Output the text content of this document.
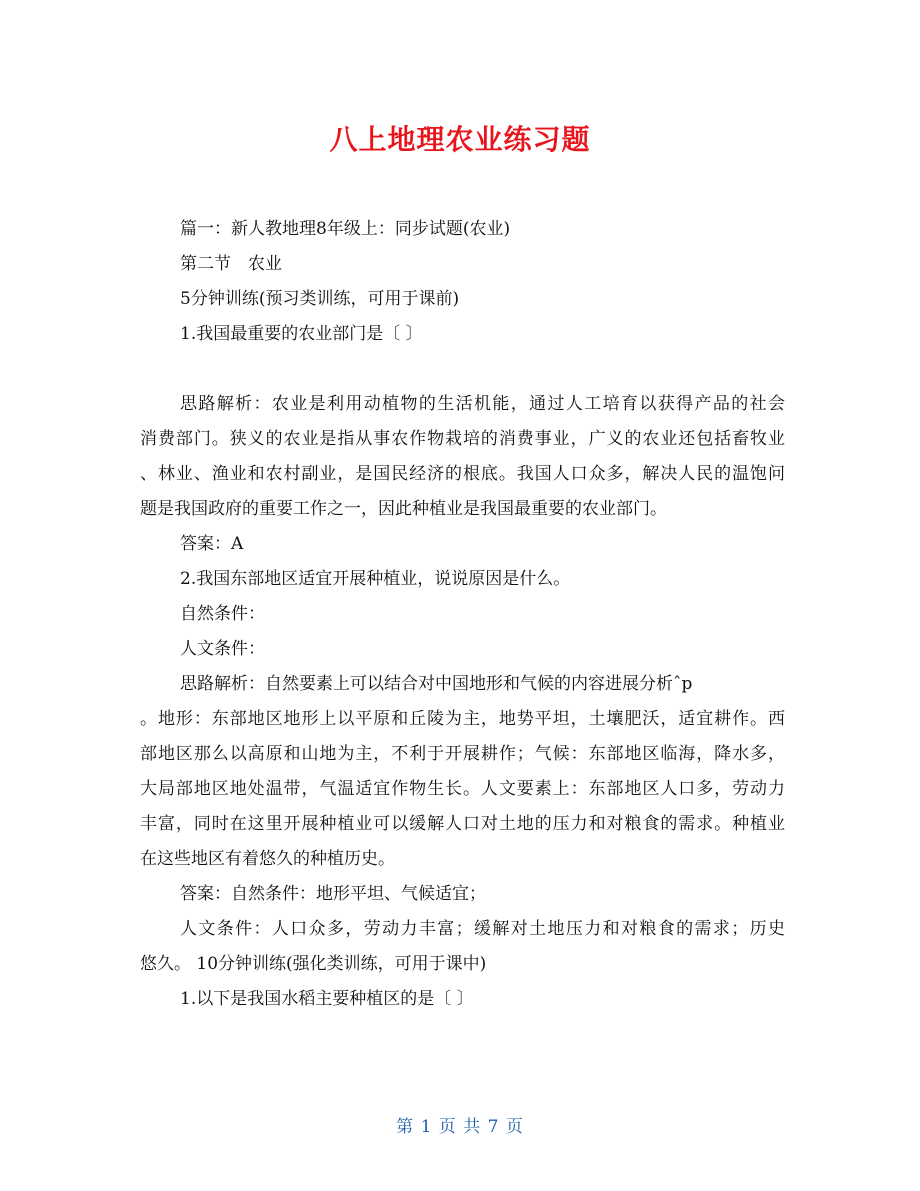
八上地理农业练习题
篇一：新人教地理8年级上：同步试题(农业)
第二节　农业
5分钟训练(预习类训练，可用于课前)
1.我国最重要的农业部门是〔 〕
思路解析：农业是利用动植物的生活机能，通过人工培育以获得产品的社会
消费部门。狭义的农业是指从事农作物栽培的消费事业，广义的农业还包括畜牧业
、林业、渔业和农村副业，是国民经济的根底。我国人口众多，解决人民的温饱问
题是我国政府的重要工作之一，因此种植业是我国最重要的农业部门。
答案：A
2.我国东部地区适宜开展种植业，说说原因是什么。
自然条件：
人文条件：
思路解析：自然要素上可以结合对中国地形和气候的内容进展分析ˆp
。地形：东部地区地形上以平原和丘陵为主，地势平坦，土壤肥沃，适宜耕作。西
部地区那么以高原和山地为主，不利于开展耕作；气候：东部地区临海，降水多，
大局部地区地处温带，气温适宜作物生长。人文要素上：东部地区人口多，劳动力
丰富，同时在这里开展种植业可以缓解人口对土地的压力和对粮食的需求。种植业
在这些地区有着悠久的种植历史。
答案：自然条件：地形平坦、气候适宜；
人文条件：人口众多，劳动力丰富；缓解对土地压力和对粮食的需求；历史
悠久。 10分钟训练(强化类训练，可用于课中)
1.以下是我国水稻主要种植区的是〔 〕
第 1 页 共 7 页
